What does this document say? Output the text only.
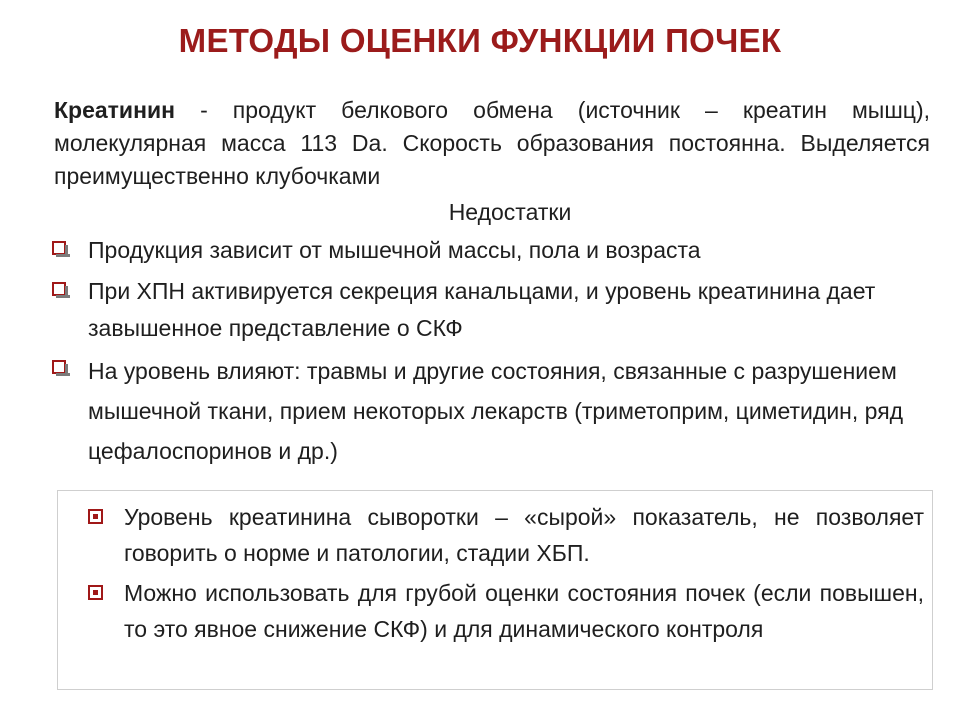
МЕТОДЫ ОЦЕНКИ ФУНКЦИИ ПОЧЕК
Креатинин - продукт белкового обмена (источник – креатин мышц), молекулярная масса 113 Da. Скорость образования постоянна. Выделяется преимущественно клубочками
Недостатки
Продукция зависит от мышечной массы, пола и возраста
При ХПН активируется секреция канальцами, и уровень креатинина дает завышенное представление о СКФ
На уровень влияют: травмы и другие состояния, связанные с разрушением мышечной ткани, прием некоторых лекарств (триметоприм, циметидин, ряд цефалоспоринов и др.)
Уровень креатинина сыворотки – «сырой» показатель, не позволяет говорить о норме и патологии, стадии ХБП.
Можно использовать для грубой оценки состояния почек (если повышен, то это явное снижение СКФ) и для динамического контроля
